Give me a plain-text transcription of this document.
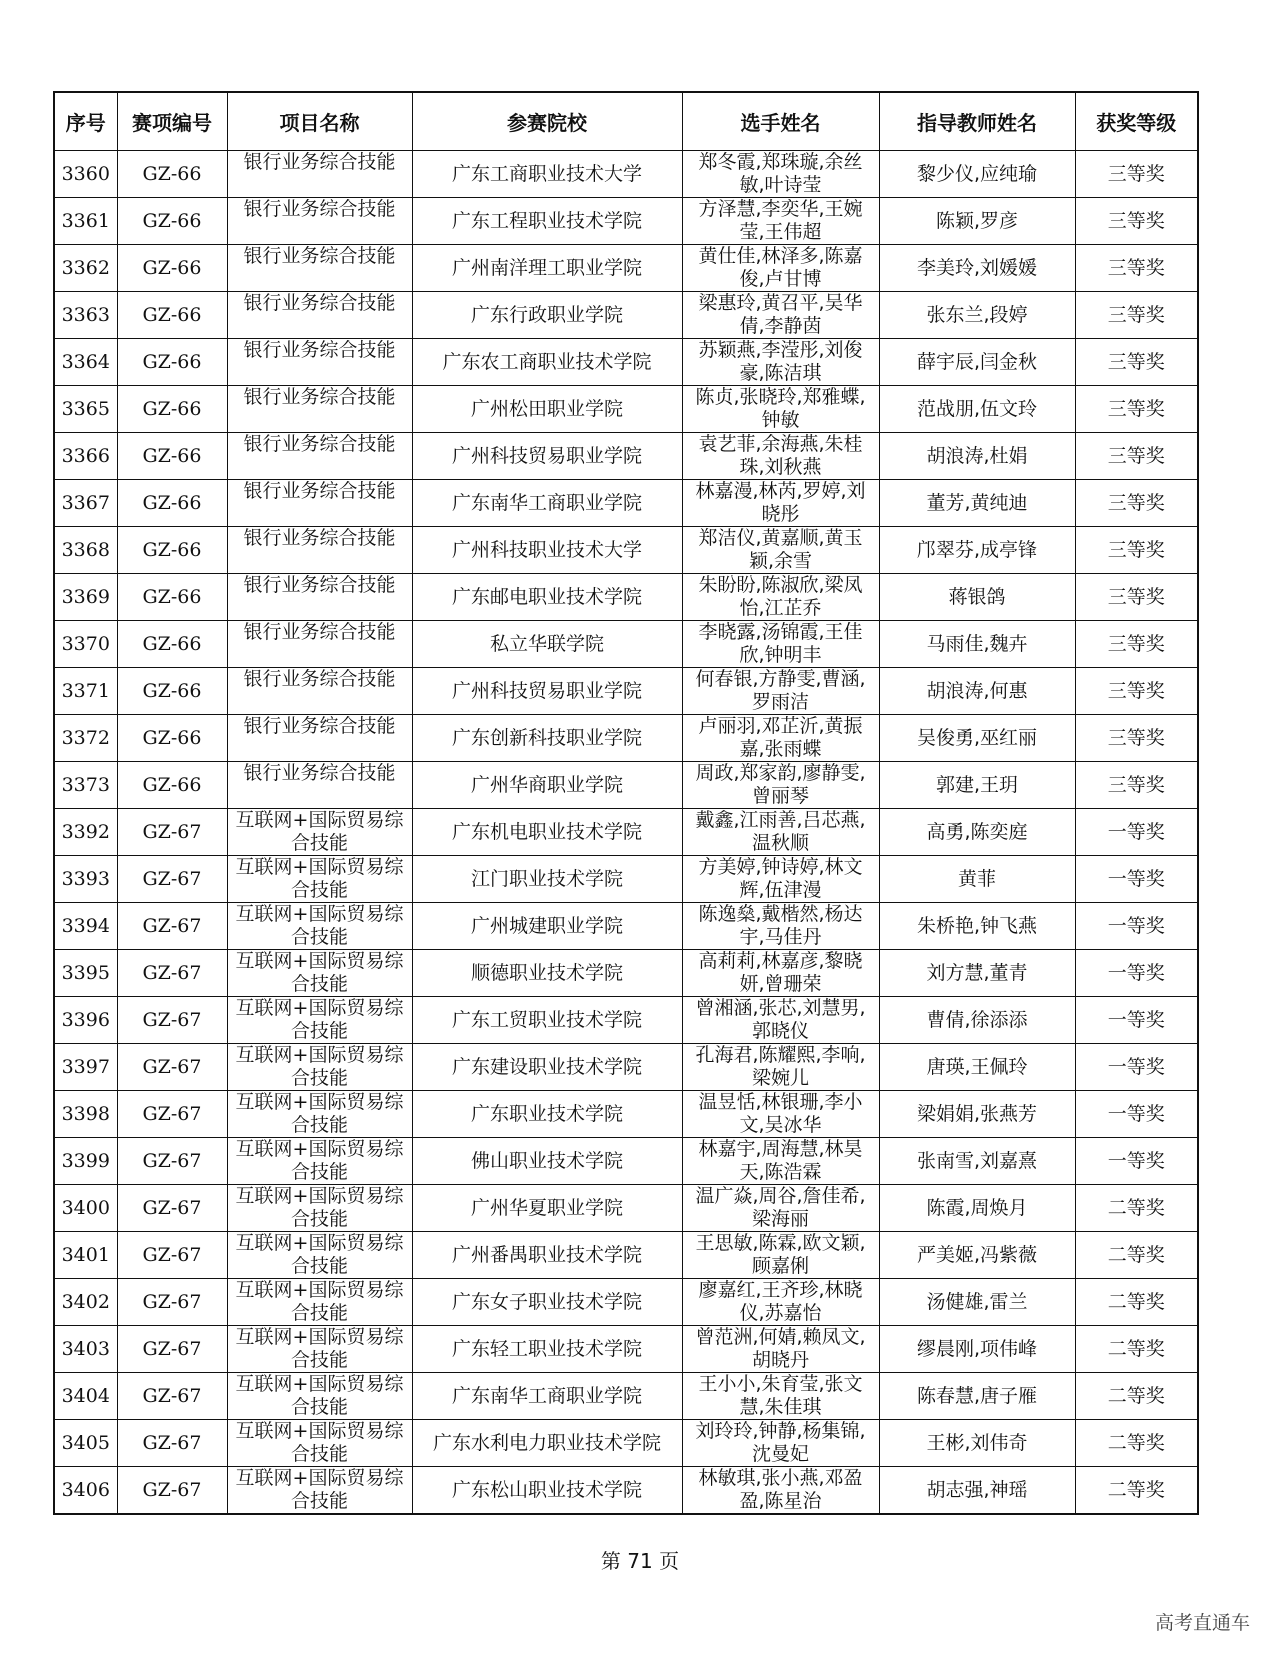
序号	赛项编号	项目名称	参赛院校	选手姓名	指导教师姓名	获奖等级
3360	GZ-66	银行业务综合技能	广东工商职业技术大学	郑冬霞,郑珠璇,余丝敏,叶诗莹	黎少仪,应纯瑜	三等奖
3361	GZ-66	银行业务综合技能	广东工程职业技术学院	方泽慧,李奕华,王婉莹,王伟超	陈颖,罗彦	三等奖
3362	GZ-66	银行业务综合技能	广州南洋理工职业学院	黄仕佳,林泽多,陈嘉俊,卢甘博	李美玲,刘媛媛	三等奖
3363	GZ-66	银行业务综合技能	广东行政职业学院	梁惠玲,黄召平,吴华倩,李静茵	张东兰,段婷	三等奖
3364	GZ-66	银行业务综合技能	广东农工商职业技术学院	苏颖燕,李滢彤,刘俊豪,陈洁琪	薛宇辰,闫金秋	三等奖
3365	GZ-66	银行业务综合技能	广州松田职业学院	陈贞,张晓玲,郑雅蝶,钟敏	范战朋,伍文玲	三等奖
3366	GZ-66	银行业务综合技能	广州科技贸易职业学院	袁艺菲,余海燕,朱桂珠,刘秋燕	胡浪涛,杜娟	三等奖
3367	GZ-66	银行业务综合技能	广东南华工商职业学院	林嘉漫,林芮,罗婷,刘晓彤	董芳,黄纯迪	三等奖
3368	GZ-66	银行业务综合技能	广州科技职业技术大学	郑洁仪,黄嘉顺,黄玉颖,余雪	邝翠芬,成亭锋	三等奖
3369	GZ-66	银行业务综合技能	广东邮电职业技术学院	朱盼盼,陈淑欣,梁凤怡,江芷乔	蒋银鸽	三等奖
3370	GZ-66	银行业务综合技能	私立华联学院	李晓露,汤锦霞,王佳欣,钟明丰	马雨佳,魏卉	三等奖
3371	GZ-66	银行业务综合技能	广州科技贸易职业学院	何春银,方静雯,曹涵,罗雨洁	胡浪涛,何惠	三等奖
3372	GZ-66	银行业务综合技能	广东创新科技职业学院	卢丽羽,邓芷沂,黄振嘉,张雨蝶	吴俊勇,巫红丽	三等奖
3373	GZ-66	银行业务综合技能	广州华商职业学院	周政,郑家韵,廖静雯,曾丽琴	郭建,王玥	三等奖
3392	GZ-67	互联网+国际贸易综合技能	广东机电职业技术学院	戴鑫,江雨善,吕芯燕,温秋顺	高勇,陈奕庭	一等奖
3393	GZ-67	互联网+国际贸易综合技能	江门职业技术学院	方美婷,钟诗婷,林文辉,伍津漫	黄菲	一等奖
3394	GZ-67	互联网+国际贸易综合技能	广州城建职业学院	陈逸燊,戴楷然,杨达宇,马佳丹	朱桥艳,钟飞燕	一等奖
3395	GZ-67	互联网+国际贸易综合技能	顺德职业技术学院	高莉莉,林嘉彦,黎晓妍,曾珊荣	刘方慧,董青	一等奖
3396	GZ-67	互联网+国际贸易综合技能	广东工贸职业技术学院	曾湘涵,张芯,刘慧男,郭晓仪	曹倩,徐添添	一等奖
3397	GZ-67	互联网+国际贸易综合技能	广东建设职业技术学院	孔海君,陈耀熙,李响,梁婉儿	唐瑛,王佩玲	一等奖
3398	GZ-67	互联网+国际贸易综合技能	广东职业技术学院	温昱恬,林银珊,李小文,吴冰华	梁娟娟,张燕芳	一等奖
3399	GZ-67	互联网+国际贸易综合技能	佛山职业技术学院	林嘉宇,周海慧,林昊天,陈浩霖	张南雪,刘嘉熹	一等奖
3400	GZ-67	互联网+国际贸易综合技能	广州华夏职业学院	温广焱,周谷,詹佳希,梁海丽	陈霞,周焕月	二等奖
3401	GZ-67	互联网+国际贸易综合技能	广州番禺职业技术学院	王思敏,陈霖,欧文颖,顾嘉俐	严美姬,冯紫薇	二等奖
3402	GZ-67	互联网+国际贸易综合技能	广东女子职业技术学院	廖嘉红,王齐珍,林晓仪,苏嘉怡	汤健雄,雷兰	二等奖
3403	GZ-67	互联网+国际贸易综合技能	广东轻工职业技术学院	曾范洲,何婧,赖凤文,胡晓丹	缪晨刚,项伟峰	二等奖
3404	GZ-67	互联网+国际贸易综合技能	广东南华工商职业学院	王小小,朱育莹,张文慧,朱佳琪	陈春慧,唐子雁	二等奖
3405	GZ-67	互联网+国际贸易综合技能	广东水利电力职业技术学院	刘玲玲,钟静,杨集锦,沈曼妃	王彬,刘伟奇	二等奖
3406	GZ-67	互联网+国际贸易综合技能	广东松山职业技术学院	林敏琪,张小燕,邓盈盈,陈星治	胡志强,神瑶	二等奖
第 71 页
高考直通车
